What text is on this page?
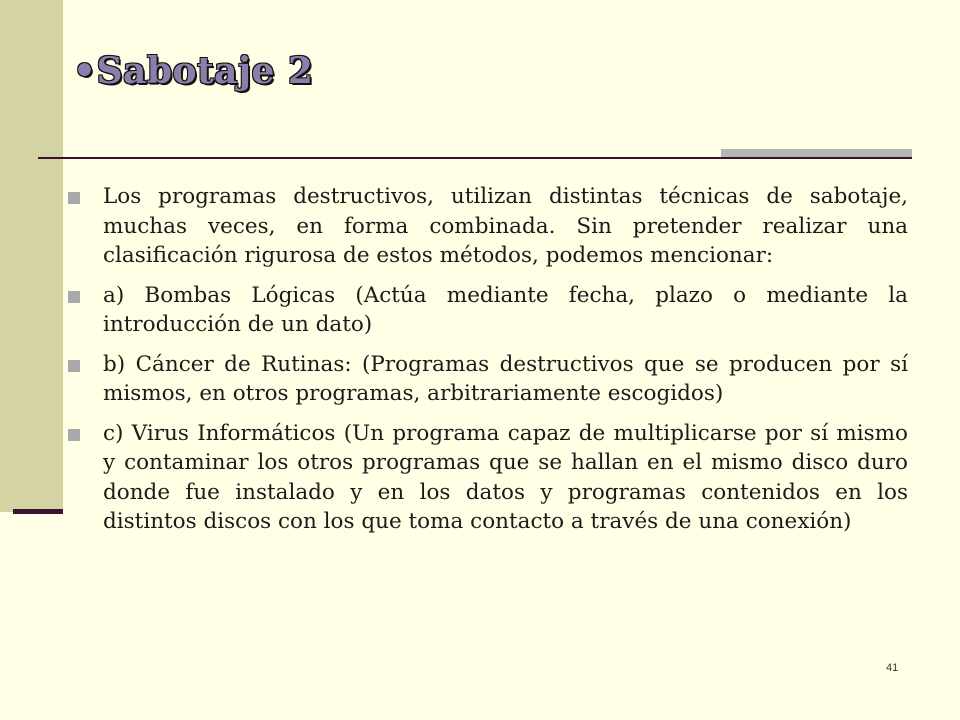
•Sabotaje 2
Los programas destructivos, utilizan distintas técnicas de sabotaje, muchas veces, en forma combinada. Sin pretender realizar una clasificación rigurosa de estos métodos, podemos mencionar:
a) Bombas Lógicas (Actúa mediante fecha, plazo o mediante la introducción de un dato)
b) Cáncer de Rutinas: (Programas destructivos que se producen por sí mismos, en otros programas, arbitrariamente escogidos)
c) Virus Informáticos (Un programa capaz de multiplicarse por sí mismo y contaminar los otros programas que se hallan en el mismo disco duro donde fue instalado y en los datos y programas contenidos en los distintos discos con los que toma contacto a través de una conexión)
41
